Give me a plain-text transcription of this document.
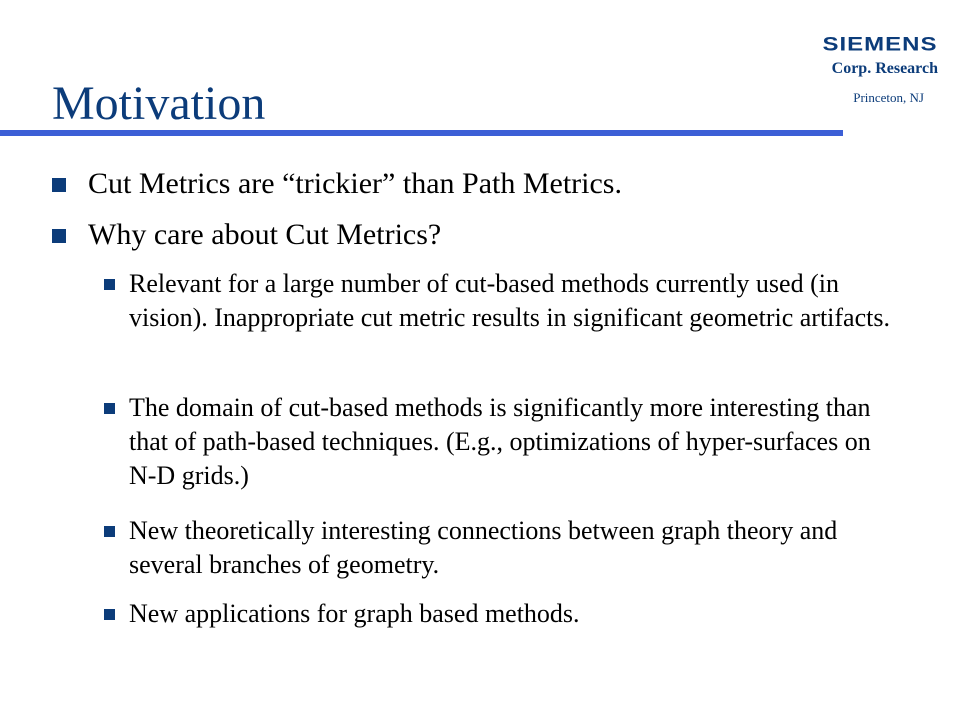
SIEMENS
Corp. Research
Princeton, NJ
Motivation
Cut Metrics are “trickier” than Path Metrics.
Why care about Cut Metrics?
Relevant for a large number of cut-based methods currently used (in vision). Inappropriate cut metric results in significant geometric artifacts.
The domain of cut-based methods is significantly more interesting than that of path-based techniques. (E.g., optimizations of hyper-surfaces on N-D grids.)
New theoretically interesting connections between graph theory and several branches of geometry.
New applications for graph based methods.
